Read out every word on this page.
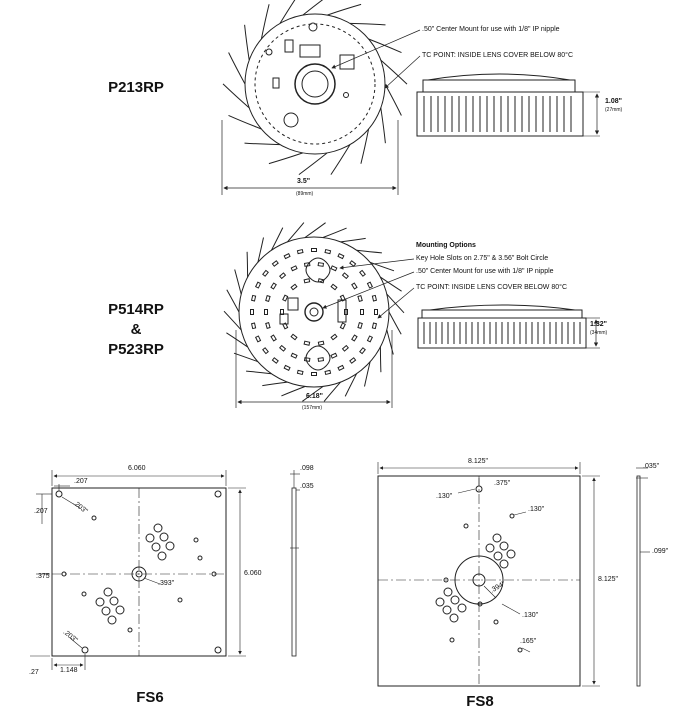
P213RP
.50" Center Mount for use with 1/8" IP nipple
TC POINT: INSIDE LENS COVER BELOW 80°C
3.5"
(89mm)
1.08"
(27mm)
P514RP
&
P523RP
Mounting Options
Key Hole Slots on 2.75" & 3.56" Bolt Circle
.50" Center Mount for use with 1/8" IP nipple
TC POINT: INSIDE LENS COVER BELOW 80°C
6.18"
(157mm)
1.32"
(34mm)
6.060
.207
.207	.203"
.375
.393"
.203"
6.060
1.148
.27
.098
.035
FS6
8.125"
.375"
.130"
.130"
.394"
.130"
.165"
8.125"
.035"
.099"
FS8
